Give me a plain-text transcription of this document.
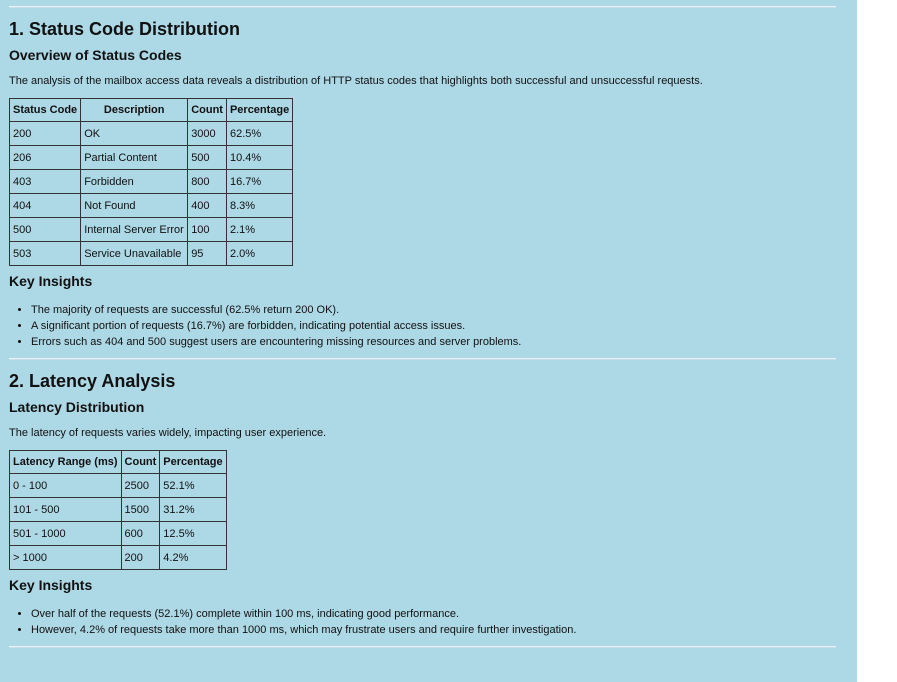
1. Status Code Distribution
Overview of Status Codes

The analysis of the mailbox access data reveals a distribution of HTTP status codes that highlights both successful and unsuccessful requests.

Status Code	Description	Count	Percentage
200	OK	3000	62.5%
206	Partial Content	500	10.4%
403	Forbidden	800	16.7%
404	Not Found	400	8.3%
500	Internal Server Error	100	2.1%
503	Service Unavailable	95	2.0%
Key Insights
• The majority of requests are successful (62.5% return 200 OK).
• A significant portion of requests (16.7%) are forbidden, indicating potential access issues.
• Errors such as 404 and 500 suggest users are encountering missing resources and server problems.
2. Latency Analysis
Latency Distribution

The latency of requests varies widely, impacting user experience.

Latency Range (ms)	Count	Percentage
0 - 100	2500	52.1%
101 - 500	1500	31.2%
501 - 1000	600	12.5%
> 1000	200	4.2%
Key Insights
• Over half of the requests (52.1%) complete within 100 ms, indicating good performance.
• However, 4.2% of requests take more than 1000 ms, which may frustrate users and require further investigation.
